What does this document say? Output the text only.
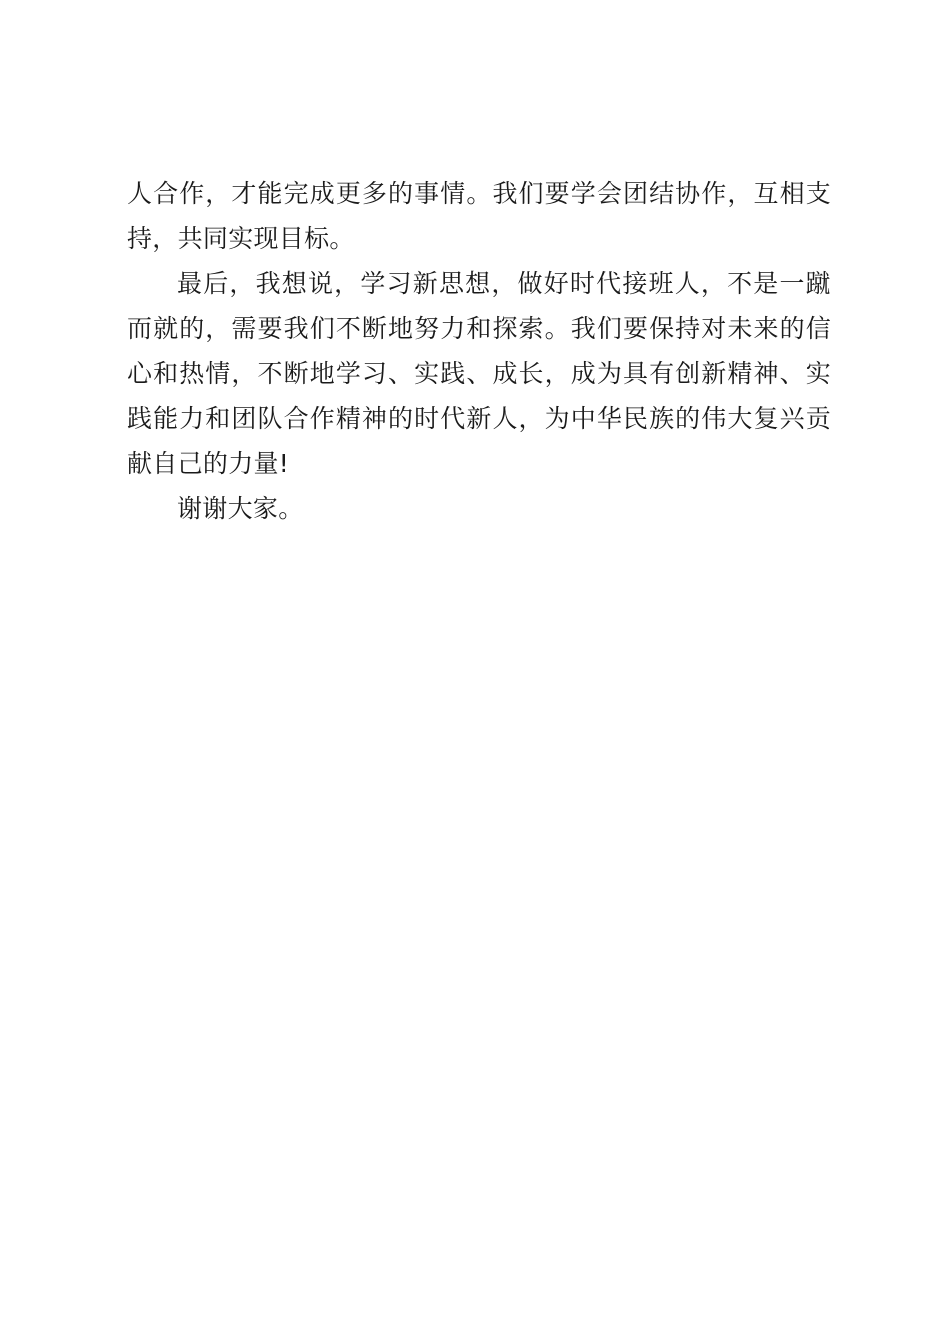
人合作，才能完成更多的事情。我们要学会团结协作，互相支持，共同实现目标。

最后，我想说，学习新思想，做好时代接班人，不是一蹴而就的，需要我们不断地努力和探索。我们要保持对未来的信心和热情，不断地学习、实践、成长，成为具有创新精神、实践能力和团队合作精神的时代新人，为中华民族的伟大复兴贡献自己的力量!

谢谢大家。
